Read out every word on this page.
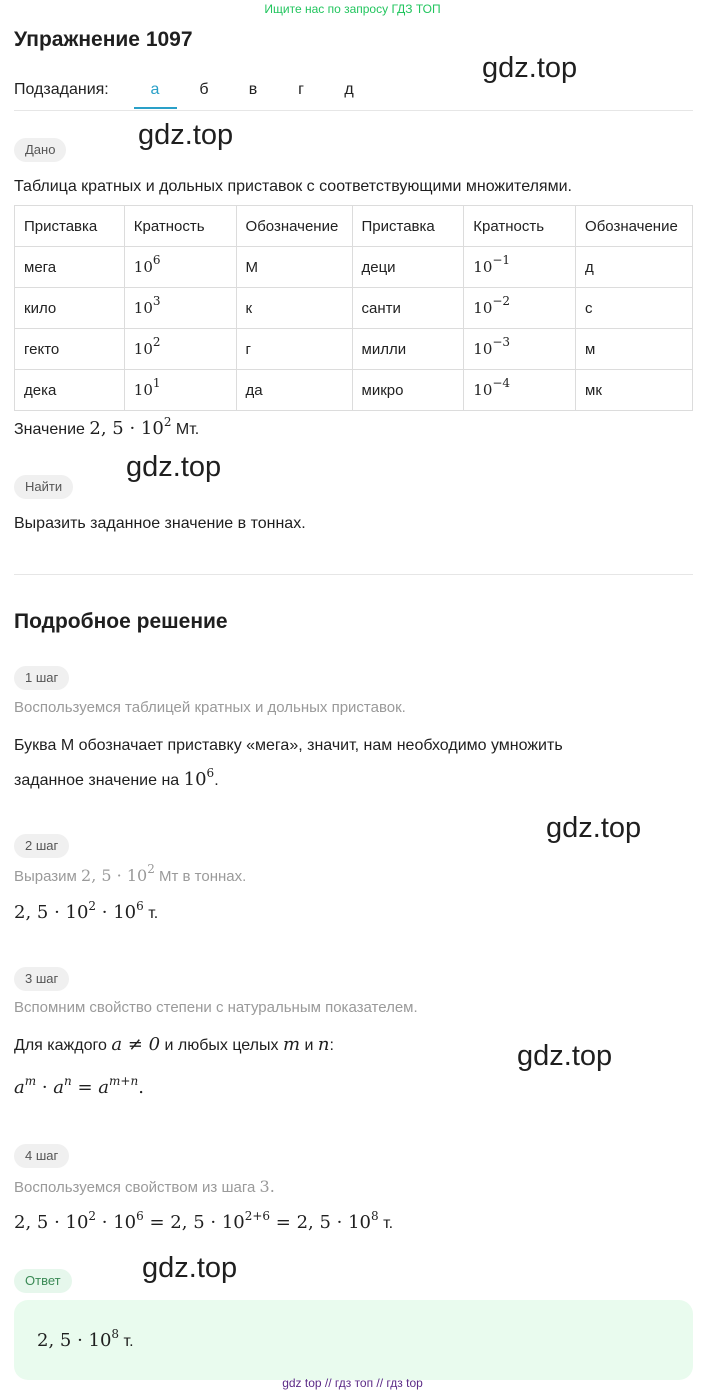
Ищите нас по запросу ГДЗ ТОП
Упражнение 1097
gdz.top
Подзадания:	а	б	в	г	д
Дано	gdz.top
Таблица кратных и дольных приставок с соответствующими множителями.
Приставка	Кратность	Обозначение	Приставка	Кратность	Обозначение
мега	$10^6$	М	деци	$10^{-1}$	д
кило	$10^3$	к	санти	$10^{-2}$	с
гекто	$10^2$	г	милли	$10^{-3}$	м
дека	$10^1$	да	микро	$10^{-4}$	мк
Значение 2, $5 \cdot 10^2$ Мт.
Найти
gdz.top
Выразить заданное значение в тоннах.
Подробное решение
1 шаг
Воспользуемся таблицей кратных и дольных приставок.
Буква М обозначает приставку «мега», значит, нам необходимо умножить
заданное значение на $10^6$.
gdz.top
2 шаг
Выразим 2, $5 \cdot 10^2$ Мт в тоннах.
2, $5 \cdot 10^2 \cdot 10^6$ т.
3 шаг
Вспомним свойство степени с натуральным показателем.
Для каждого a ≠ 0 и любых целых m и n:	gdz.top
$a^m \cdot a^n = a^{m+n}$.
4 шаг
Воспользуемся свойством из шага 3.
2, $5 \cdot 10^2 \cdot 10^6 = 2$, $5 \cdot 10^{2+6} = 2$, $5 \cdot 10^8$ т.
Ответ	gdz.top
2, $5 \cdot 10^8$ т.
gdz top // гдз топ // гдз top
